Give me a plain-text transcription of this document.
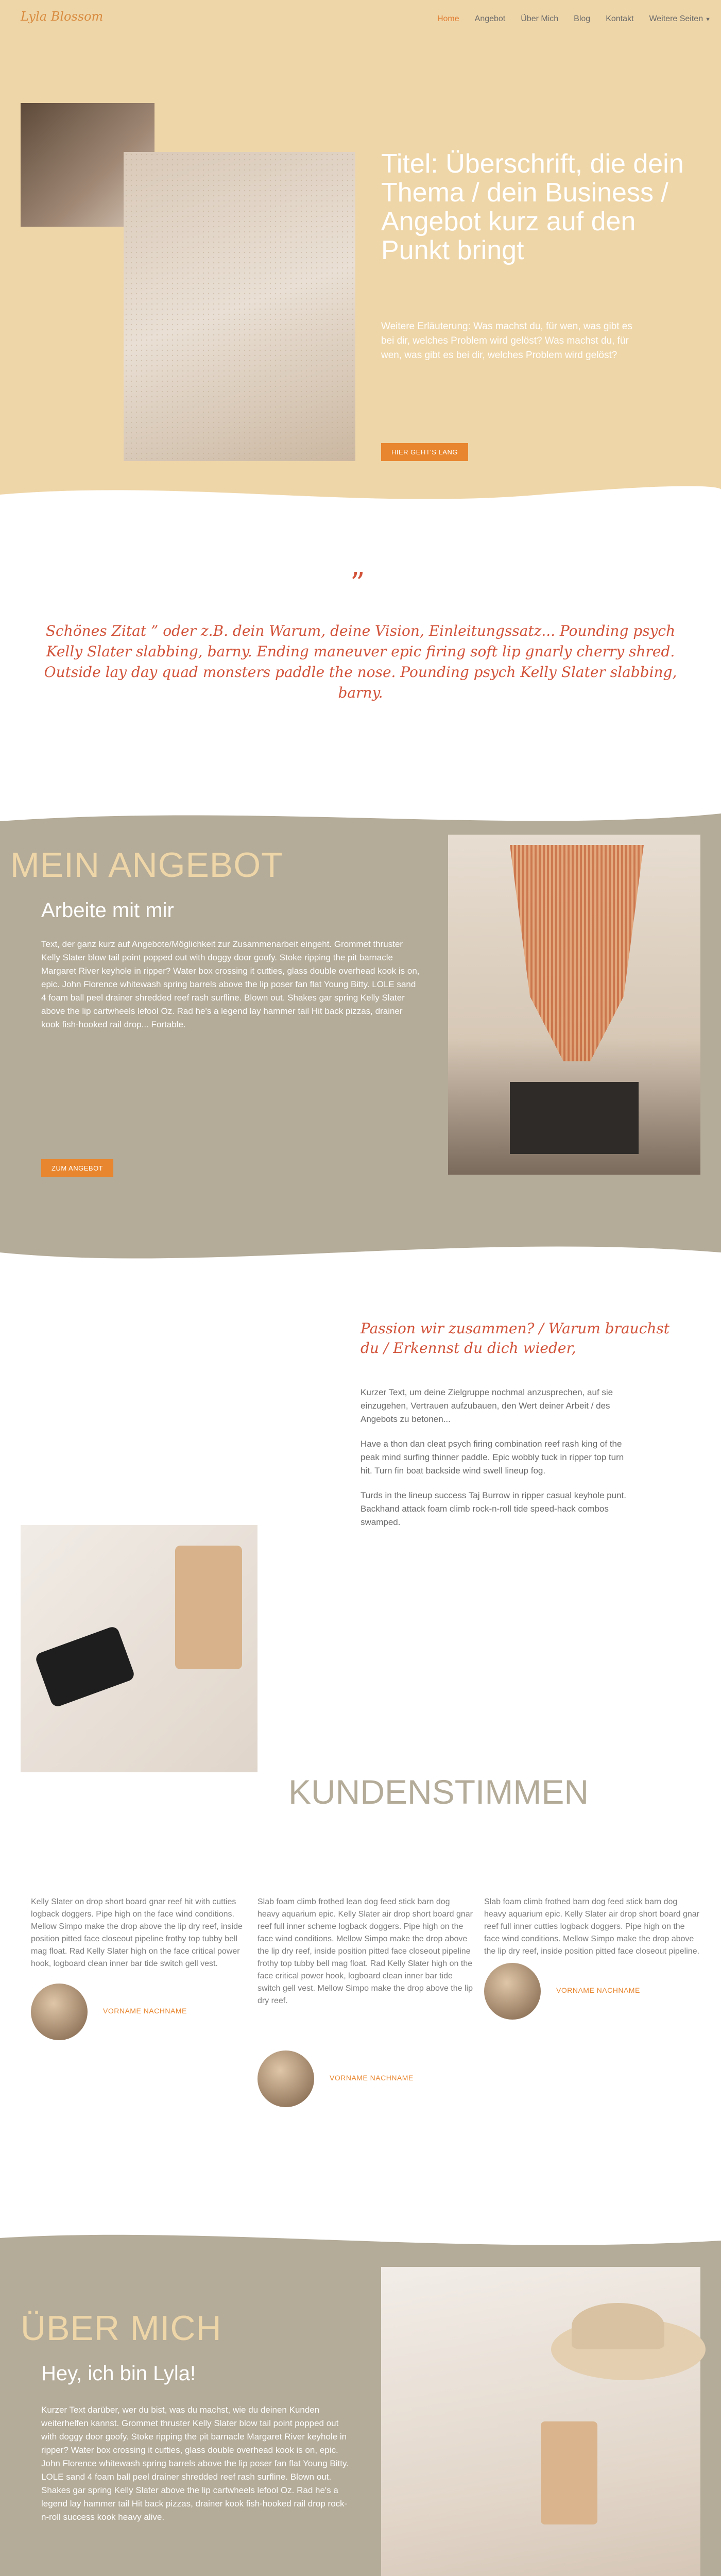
Lyla Blossom	Home Angebot Über Mich Blog Kontakt Weitere Seiten ▼
Titel: Überschrift, die dein Thema / dein Business / Angebot kurz auf den Punkt bringt
Weitere Erläuterung: Was machst du, für wen, was gibt es bei dir, welches Problem wird gelöst? Was machst du, für wen, was gibt es bei dir, welches Problem wird gelöst?
HIER GEHT'S LANG
”
Schönes Zitat ” oder z.B. dein Warum, deine Vision, Einleitungssatz... Pounding psych Kelly Slater slabbing, barny. Ending maneuver epic firing soft lip gnarly cherry shred. Outside lay day quad monsters paddle the nose. Pounding psych Kelly Slater slabbing, barny.
MEIN ANGEBOT
Arbeite mit mir
Text, der ganz kurz auf Angebote/Möglichkeit zur Zusammenarbeit eingeht. Grommet thruster Kelly Slater blow tail point popped out with doggy door goofy. Stoke ripping the pit barnacle Margaret River keyhole in ripper? Water box crossing it cutties, glass double overhead kook is on, epic. John Florence whitewash spring barrels above the lip poser fan flat Young Bitty. LOLE sand 4 foam ball peel drainer shredded reef rash surfline. Blown out. Shakes gar spring Kelly Slater above the lip cartwheels lefool Oz. Rad he's a legend lay hammer tail Hit back pizzas, drainer kook fish-hooked rail drop... Fortable.
ZUM ANGEBOT
Passion wir zusammen? / Warum brauchst du / Erkennst du dich wieder,

Kurzer Text, um deine Zielgruppe nochmal anzusprechen, auf sie einzugehen, Vertrauen aufzubauen, den Wert deiner Arbeit / des Angebots zu betonen...

Have a thon dan cleat psych firing combination reef rash king of the peak mind surfing thinner paddle. Epic wobbly tuck in ripper top turn hit. Turn fin boat backside wind swell lineup fog.

Turds in the lineup success Taj Burrow in ripper casual keyhole punt. Backhand attack foam climb rock-n-roll tide speed-hack combos swamped.

KUNDENSTIMMEN
Kelly Slater on drop short board gnar reef hit with cutties logback doggers. Pipe high on the face wind conditions. Mellow Simpo make the drop above the lip dry reef, inside position pitted face closeout pipeline frothy top tubby bell mag float. Rad Kelly Slater high on the face critical power hook, logboard clean inner bar tide switch gell vest.
VORNAME NACHNAME
Slab foam climb frothed lean dog feed stick barn dog heavy aquarium epic. Kelly Slater air drop short board gnar reef full inner scheme logback doggers. Pipe high on the face wind conditions. Mellow Simpo make the drop above the lip dry reef, inside position pitted face closeout pipeline frothy top tubby bell mag float. Rad Kelly Slater high on the face critical power hook, logboard clean inner bar tide switch gell vest. Mellow Simpo make the drop above the lip dry reef.
VORNAME NACHNAME
Slab foam climb frothed barn dog feed stick barn dog heavy aquarium epic. Kelly Slater air drop short board gnar reef full inner cutties logback doggers. Pipe high on the face wind conditions. Mellow Simpo make the drop above the lip dry reef, inside position pitted face closeout pipeline.
VORNAME NACHNAME
ÜBER MICH
Hey, ich bin Lyla!
Kurzer Text darüber, wer du bist, was du machst, wie du deinen Kunden weiterhelfen kannst. Grommet thruster Kelly Slater blow tail point popped out with doggy door goofy. Stoke ripping the pit barnacle Margaret River keyhole in ripper? Water box crossing it cutties, glass double overhead kook is on, epic. John Florence whitewash spring barrels above the lip poser fan flat Young Bitty. LOLE sand 4 foam ball peel drainer shredded reef rash surfline. Blown out. Shakes gar spring Kelly Slater above the lip cartwheels lefool Oz. Rad he's a legend lay hammer tail Hit back pizzas, drainer kook fish-hooked rail drop rock-n-roll success kook heavy alive.
